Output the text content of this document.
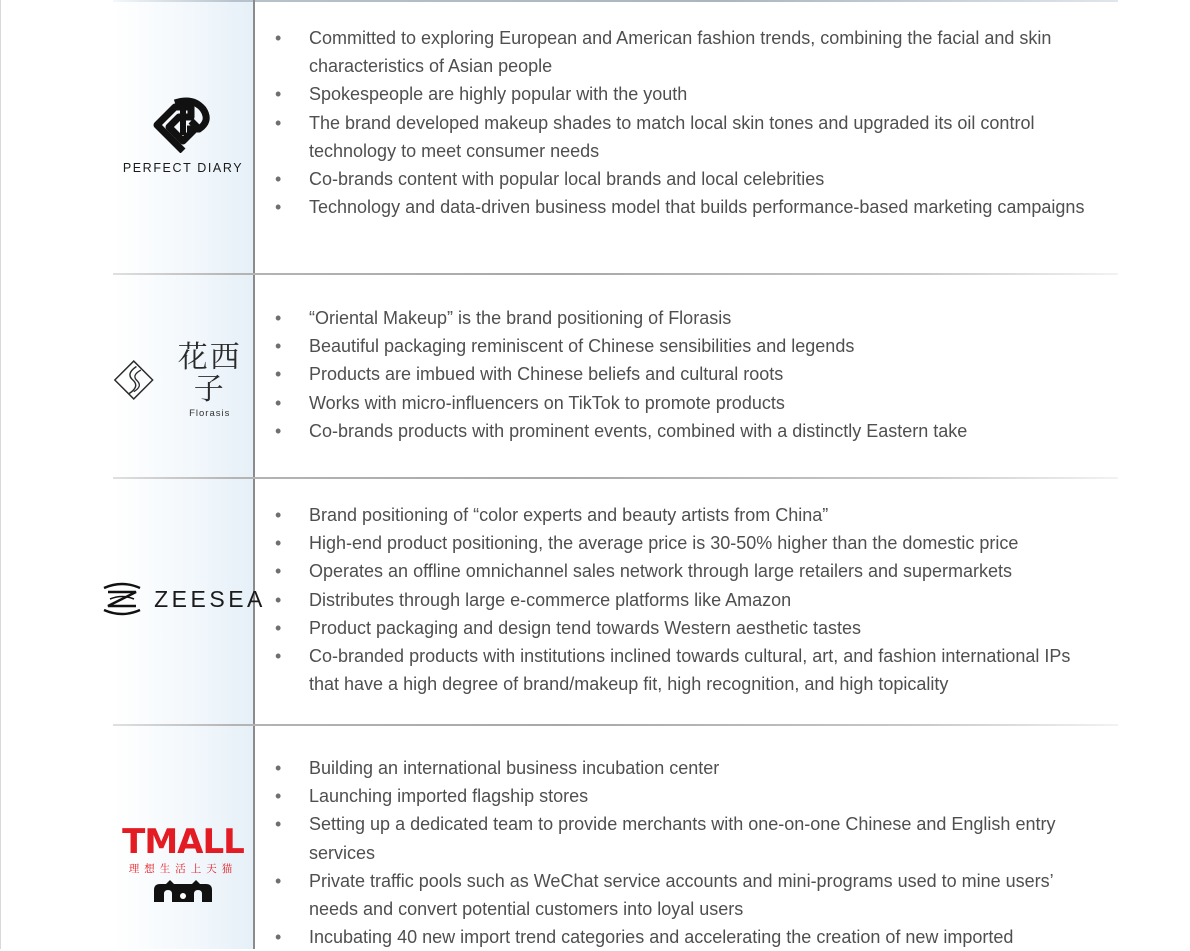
PERFECT DIARY
• Committed to exploring European and American fashion trends, combining the facial and skin characteristics of Asian people
• Spokespeople are highly popular with the youth
• The brand developed makeup shades to match local skin tones and upgraded its oil control technology to meet consumer needs
• Co-brands content with popular local brands and local celebrities
• Technology and data-driven business model that builds performance-based marketing campaigns
花西子
Florasis
• “Oriental Makeup” is the brand positioning of Florasis
• Beautiful packaging reminiscent of Chinese sensibilities and legends
• Products are imbued with Chinese beliefs and cultural roots
• Works with micro-influencers on TikTok to promote products
• Co-brands products with prominent events, combined with a distinctly Eastern take
ZEESEA
• Brand positioning of “color experts and beauty artists from China”
• High-end product positioning, the average price is 30-50% higher than the domestic price
• Operates an offline omnichannel sales network through large retailers and supermarkets
• Distributes through large e-commerce platforms like Amazon
• Product packaging and design tend towards Western aesthetic tastes
• Co-branded products with institutions inclined towards cultural, art, and fashion international IPs that have a high degree of brand/makeup fit, high recognition, and high topicality
TMALL
理想生活上天猫
• Building an international business incubation center
• Launching imported flagship stores
• Setting up a dedicated team to provide merchants with one-on-one Chinese and English entry services
• Private traffic pools such as WeChat service accounts and mini-programs used to mine users’ needs and convert potential customers into loyal users
• Incubating 40 new import trend categories and accelerating the creation of new imported
